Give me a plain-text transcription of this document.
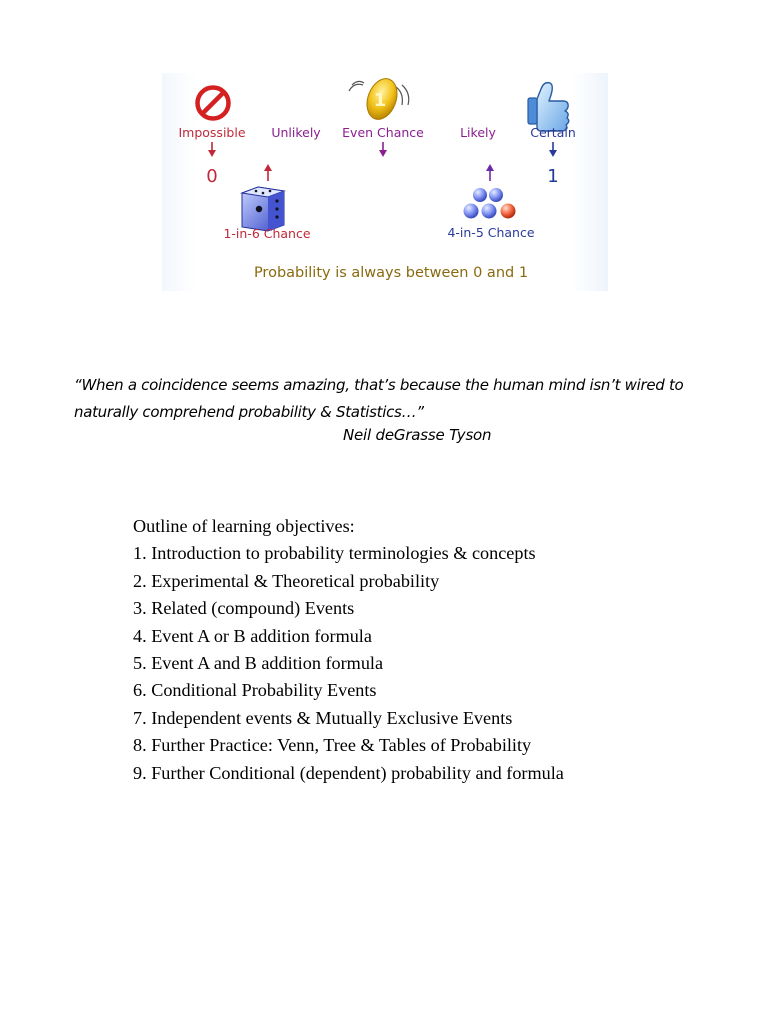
1
Impossible Unlikely Even Chance	Likely	Certain
0	1
1-in-6 Chance	4-in-5 Chance
Probability is always between 0 and 1
“When a coincidence seems amazing, that’s because the human mind isn’t wired to naturally comprehend probability & Statistics…”
Neil deGrasse Tyson
Outline of learning objectives:
1. Introduction to probability terminologies & concepts
2. Experimental & Theoretical probability
3. Related (compound) Events
4. Event A or B addition formula
5. Event A and B addition formula
6. Conditional Probability Events
7. Independent events & Mutually Exclusive Events
8. Further Practice: Venn, Tree & Tables of Probability
9. Further Conditional (dependent) probability and formula
